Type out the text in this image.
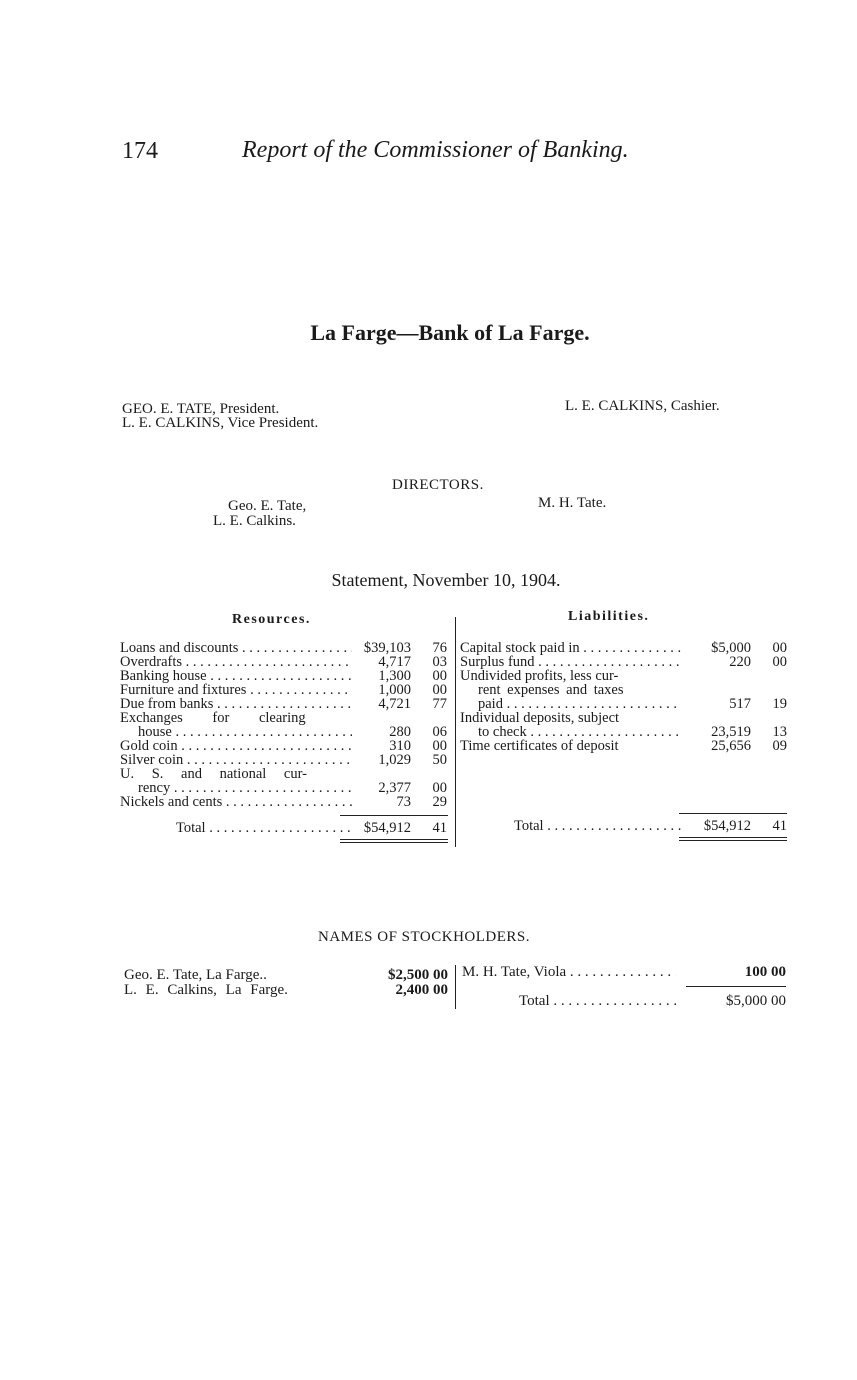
174	Report of the Commissioner of Banking.
La Farge—Bank of La Farge.
GEO. E. TATE, President.
L. E. CALKINS, Vice President.
L. E. CALKINS, Cashier.
DIRECTORS.
Geo. E. Tate,
L. E. Calkins.
M. H. Tate.
Statement, November 10, 1904.
Resources.	Liabilities.
Loans and discounts . . .	$39,103	76
Overdrafts . . .	4,717	03
Banking house . . .	1,300	00
Furniture and fixtures . . .	1,000	00
Due from banks . . .	4,721	77
Exchanges for clearing
house . . .	280	06
Gold coin . . .	310	00
Silver coin . . .	1,029	50
U. S. and national cur-
rency . . .	2,377	00
Nickels and cents . . .	73	29
Total . . .	$54,912	41
Capital stock paid in . . .	$5,000	00
Surplus fund . . .	220	00
Undivided profits, less cur-
rent expenses and taxes
paid . . .	517	19
Individual deposits, subject
to check . . .	23,519	13
Time certificates of deposit	25,656	09
Total . . .	$54,912	41
NAMES OF STOCKHOLDERS.
Geo. E. Tate, La Farge..	$2,500 00
L. E. Calkins, La Farge.	2,400 00
M. H. Tate, Viola . . .	100 00
Total . . .	$5,000 00
